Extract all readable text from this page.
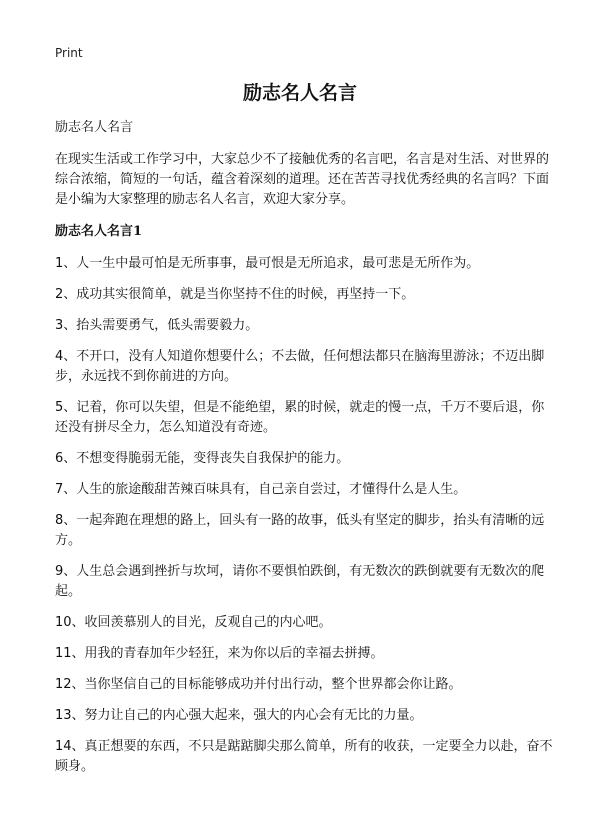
Print
励志名人名言

励志名人名言

在现实生活或工作学习中，大家总少不了接触优秀的名言吧，名言是对生活、对世界的综合浓缩，简短的一句话，蕴含着深刻的道理。还在苦苦寻找优秀经典的名言吗？下面是小编为大家整理的励志名人名言，欢迎大家分享。

励志名人名言1

1、人一生中最可怕是无所事事，最可恨是无所追求，最可悲是无所作为。

2、成功其实很简单，就是当你坚持不住的时候，再坚持一下。

3、抬头需要勇气，低头需要毅力。

4、不开口，没有人知道你想要什么；不去做，任何想法都只在脑海里游泳；不迈出脚步，永远找不到你前进的方向。

5、记着，你可以失望，但是不能绝望，累的时候，就走的慢一点，千万不要后退，你还没有拼尽全力，怎么知道没有奇迹。

6、不想变得脆弱无能，变得丧失自我保护的能力。

7、人生的旅途酸甜苦辣百味具有，自己亲自尝过，才懂得什么是人生。

8、一起奔跑在理想的路上，回头有一路的故事，低头有坚定的脚步，抬头有清晰的远方。

9、人生总会遇到挫折与坎坷，请你不要惧怕跌倒，有无数次的跌倒就要有无数次的爬起。

10、收回羡慕别人的目光，反观自己的内心吧。

11、用我的青春加年少轻狂，来为你以后的幸福去拼搏。

12、当你坚信自己的目标能够成功并付出行动，整个世界都会你让路。

13、努力让自己的内心强大起来，强大的内心会有无比的力量。

14、真正想要的东西，不只是踮踮脚尖那么简单，所有的收获，一定要全力以赴，奋不顾身。
